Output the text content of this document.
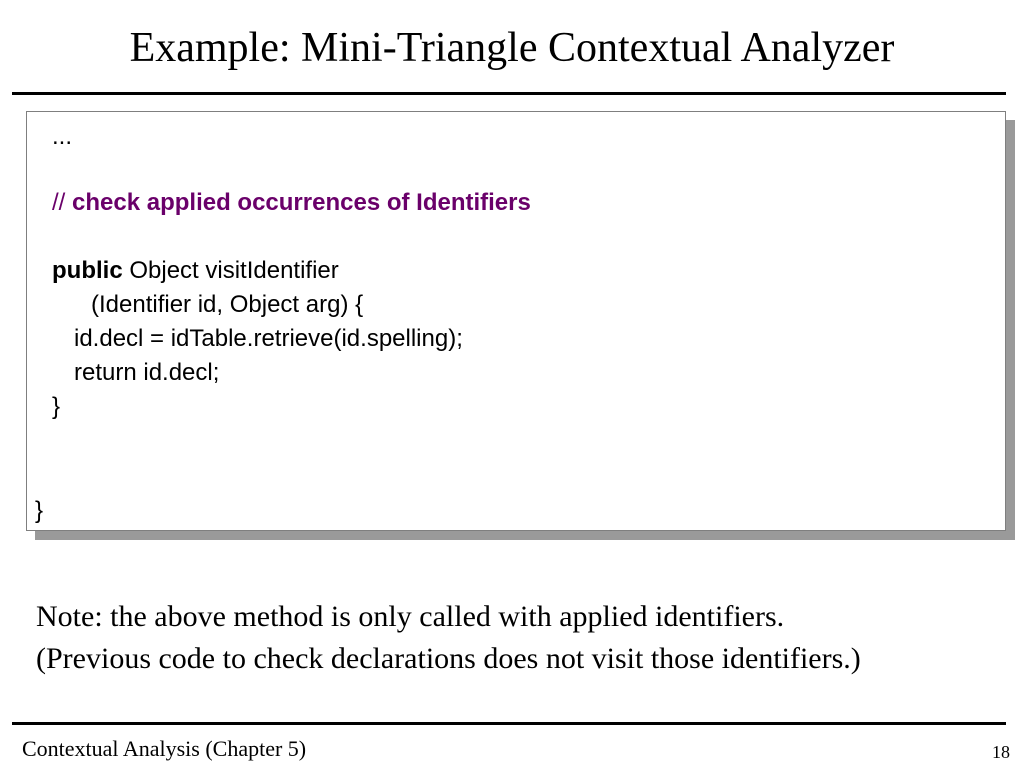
Example: Mini-Triangle Contextual Analyzer
...
// check applied occurrences of Identifiers
public Object visitIdentifier
(Identifier id, Object arg) {
id.decl = idTable.retrieve(id.spelling);
return id.decl;
}
}
Note: the above method is only called with applied identifiers.
(Previous code to check declarations does not visit those identifiers.)
Contextual Analysis (Chapter 5)	18
